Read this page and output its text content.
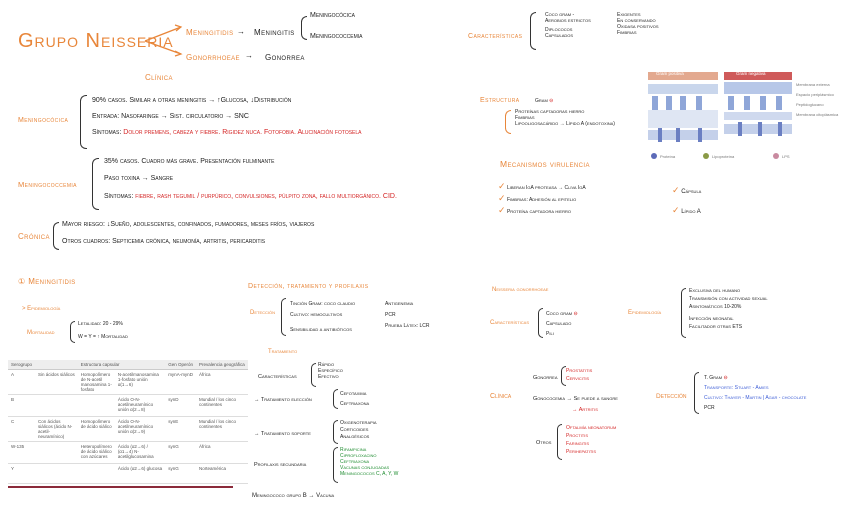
Grupo Neisseria Meningitidis → Meningitis
Meningocócica
Meningococcemia
Gonorrhoeae → Gonorrea
Clínica
Meningocócica
90% casos. Similar a otras meningitis → ↑Glucosa, ↓Distribución
Entrada: Nasofaringe → Sist. circulatorio → SNC
Síntomas: Dolor premens, cabeza y fiebre. Rigidez nuca. Fotofobia. Alucinación fotosela
Meningococcemia
35% casos. Cuadro más grave. Presentación fulminante
Paso toxina → Sangre
Síntomas: fiebre, rash tegumil / purpúrico, convulsiones, púlpito zona, fallo multiorgánico. CID.
Crónica
Mayor riesgo: ↓Sueño, adolescentes, confinados, fumadores, meses fríos, viajeros
Otros cuadros: Septicemia crónica, neumonía, artritis, pericarditis
Características
Coco gram -
Aerobios estrictos
Diplococos
Capsulados
Exigentes
En conservando
Oxidasa positivos
Fimbrias
Estructura	Gram ⊖
Proteínas captadoras hierro
Fimbrias
Lipooligosacárido → Lípido A (endotoxina)
Gram positiva	Gram negativa
Membrana externa
Espacio periplásmico
Peptidoglucano
Membrana citoplásmica
Proteína	Lipoproteína	LPS
Mecanismos virulencia
✓ Liberan IgA proteasa → Cliva IgA
✓ Fimbrias: Adhesión al epitelio
✓ Proteína captadora hierro
✓ Cápsula
✓ Lípido A
① Meningitidis
> Epidemiología
Mortalidad
Letalidad: 20 - 29%
W = Y = ↑ Mortalidad
Serogrupo	Estructura capsular			Gen Operón	Prevalencia geográfica
A	Sin ácidos siálicos	Homopolímero de N-acetil manosamina 1-fosfato	N-acetilmanosamina 1-fosfato unión α(1→6)	mynA-mynD	África
B			Ácido O-N-acetilneuramínico unión α(2→8)	synD	Mundial / los cinco continentes
C	Con ácidos siálicos (ácido N-acetil-neuramínico)	Homopolímero de ácido siálico	Ácido O-N-acetilneuramínico unión α(2→9)	synE	Mundial / los cinco continentes
W-135		Heteropolímero de ácido siálico con azúcares	Ácido (α2→6) / (α1→4) N-acetilglucosamina	synG	África
Y			Ácido (α2→6) glucosa	synG	Norteamérica
Detección, tratamiento y profilaxis
Detección
Tinción Gram: coco claudio
Cultivo: hemocultivos
Sensibilidad a antibióticos
Antigenemia
PCR
Prueba Látex: LCR
Tratamiento
Características
Rápido
Específico
Efectivo
→ Tratamiento elección
Cefotaxima
Ceftriaxona
→ Tratamiento soporte
Oxigenoterapia
Corticoides
Analgésicos
Profilaxis secundaria
Rifampicina
Ciprofloxacino
Ceftriaxona
Vacunas conjugadas
Meningococos C, A, Y, W
Meningococo grupo B → Vacuna
Neisseria gonorrhoeae
Características
Coco gram ⊖
Capsulado
Pili
Epidemiología
Exclusiva del humano
Transmisión con actividad sexual
Asintomáticos 10-20%
Infección neonatal
Facilitador otras ETS
Clínica
Gonorrea
Prostatitis
Cervicitis
Gonococemia → Se puede a sangre
→ Artritis
Otros
Oftalmía neonatorum
Proctitis
Faringitis
Perihepatitis
Detección
T. Gram ⊖
Transporte: Stuart - Amies
Cultivo: Thayer - Martin | Agar - chocolate
PCR
